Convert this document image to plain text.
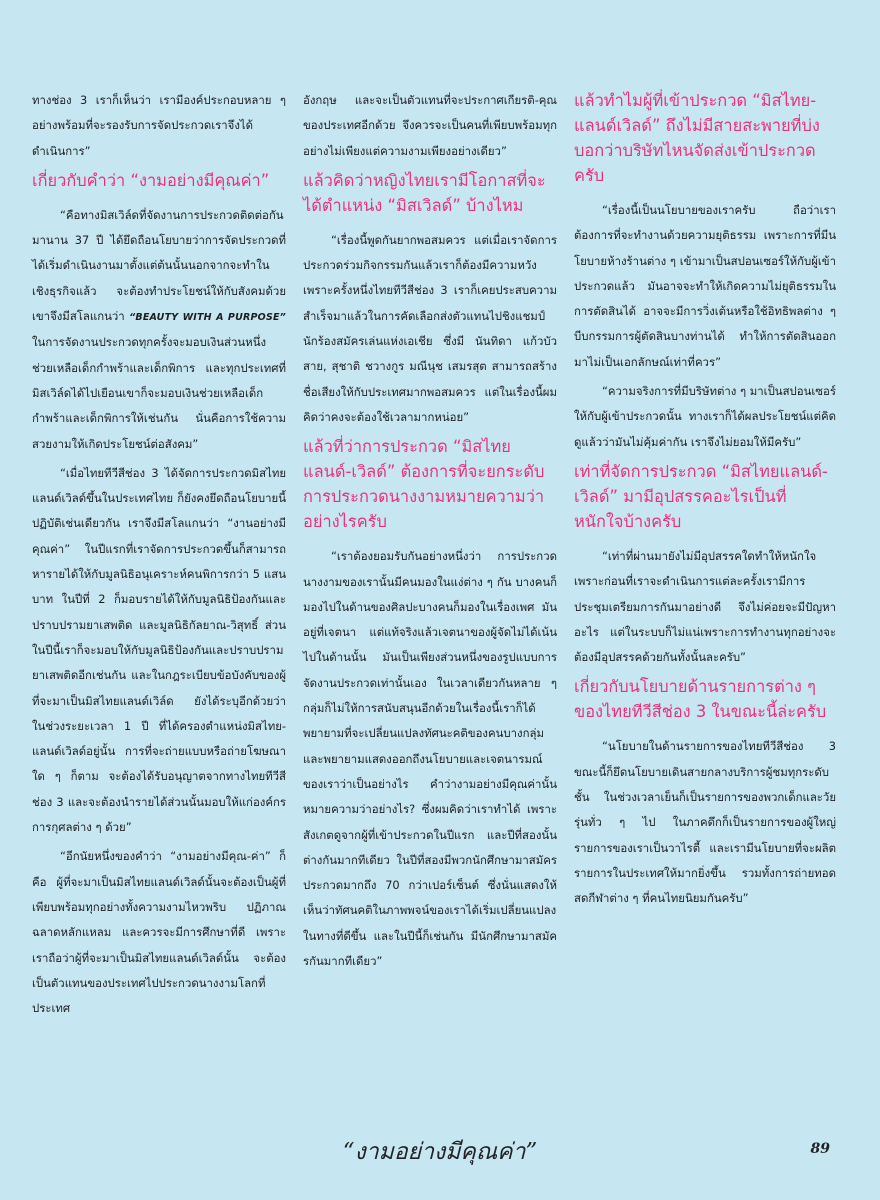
ทางช่อง 3 เราก็เห็นว่า เรามีองค์ประกอบหลาย ๆ อย่างพร้อมที่จะรองรับการจัดประกวดเราจึงได้ดำเนินการ”

เกี่ยวกับคำว่า “งามอย่างมีคุณค่า”

“คือทางมิสเวิล์ดที่จัดงานการประกวดติดต่อกันมานาน 37 ปี ได้ยึดถือนโยบายว่าการจัดประกวดที่ได้เริ่มดำเนินงานมาตั้งแต่ต้นนั้นนอกจากจะทำในเชิงธุรกิจแล้ว จะต้องทำประโยชน์ให้กับสังคมด้วย เขาจึงมีสโลแกนว่า “BEAUTY WITH A PURPOSE” ในการจัดงานประกวดทุกครั้งจะมอบเงินส่วนหนึ่งช่วยเหลือเด็กกำพร้าและเด็กพิการ และทุกประเทศที่มิสเวิล์ดได้ไปเยือนเขาก็จะมอบเงินช่วยเหลือเด็กกำพร้าและเด็กพิการให้เช่นกัน นั่นคือการใช้ความสวยงามให้เกิดประโยชน์ต่อสังคม”

“เมื่อไทยทีวีสีช่อง 3 ได้จัดการประกวดมิสไทยแลนด์เวิลด์ขึ้นในประเทศไทย ก็ยังคงยึดถือนโยบายนี้ปฏิบัติเช่นเดียวกัน เราจึงมีสโลแกนว่า “งานอย่างมีคุณค่า” ในปีแรกที่เราจัดการประกวดขึ้นก็สามารถหารายได้ให้กับมูลนิธิอนุเคราะห์คนพิการกว่า 5 แสนบาท ในปีที่ 2 ก็มอบรายได้ให้กับมูลนิธิป้องกันและปราบปรามยาเสพติด และมูลนิธิกัลยาณ-วิสุทธิ์ ส่วนในปีนี้เราก็จะมอบให้กับมูลนิธิป้องกันและปราบปรามยาเสพติดอีกเช่นกัน และในกฎระเบียบข้อบังคับของผู้ที่จะมาเป็นมิสไทยแลนด์เวิล์ด ยังได้ระบุอีกด้วยว่า ในช่วงระยะเวลา 1 ปี ที่ได้ครองตำแหน่งมิสไทย-แลนด์เวิลด์อยู่นั้น การที่จะถ่ายแบบหรือถ่ายโฆษณาใด ๆ ก็ตาม จะต้องได้รับอนุญาตจากทางไทยทีวีสีช่อง 3 และจะต้องนำรายได้ส่วนนั้นมอบให้แก่องค์กรการกุศลต่าง ๆ ด้วย”

“อีกนัยหนึ่งของคำว่า “งามอย่างมีคุณ-ค่า” ก็คือ ผู้ที่จะมาเป็นมิสไทยแลนด์เวิลด์นั้นจะต้องเป็นผู้ที่เพียบพร้อมทุกอย่างทั้งความงามไหวพริบ ปฏิภาณ ฉลาดหลักแหลม และควรจะมีการศึกษาที่ดี เพราะเราถือว่าผู้ที่จะมาเป็นมิสไทยแลนด์เวิลด์นั้น จะต้องเป็นตัวแทนของประเทศไปประกวดนางงามโลกที่ประเทศ

อังกฤษ และจะเป็นตัวแทนที่จะประกาศเกียรติ-คุณของประเทศอีกด้วย จึงควรจะเป็นคนที่เพียบพร้อมทุกอย่างไม่เพียงแต่ความงามเพียงอย่างเดียว”

แล้วคิดว่าหญิงไทยเรามีโอกาสที่จะได้ตำแหน่ง “มิสเวิลด์” บ้างไหม

“เรื่องนี้พูดกันยากพอสมควร แต่เมื่อเราจัดการประกวดร่วมกิจกรรมกันแล้วเราก็ต้องมีความหวัง เพราะครั้งหนึ่งไทยทีวีสีช่อง 3 เราก็เคยประสบความสำเร็จมาแล้วในการคัดเลือกส่งตัวแทนไปชิงแชมป์นักร้องสมัครเล่นแห่งเอเชีย ซึ่งมี นันทิดา แก้วบัวสาย, สุชาติ ชวางกูร มณีนุช เสมรสุต สามารถสร้างชื่อเสียงให้กับประเทศมากพอสมควร แต่ในเรื่องนี้ผมคิดว่าคงจะต้องใช้เวลามากหน่อย”

แล้วที่ว่าการประกวด “มิสไทยแลนด์-เวิลด์” ต้องการที่จะยกระดับการประกวดนางงามหมายความว่าอย่างไรครับ

“เราต้องยอมรับกันอย่างหนึ่งว่า การประกวดนางงามของเรานั้นมีคนมองในแง่ต่าง ๆ กัน บางคนก็มองไปในด้านของศิลปะบางคนก็มองในเรื่องเพศ มันอยู่ที่เจตนา แต่แท้จริงแล้วเจตนาของผู้จัดไม่ได้เน้นไปในด้านนั้น มันเป็นเพียงส่วนหนึ่งของรูปแบบการจัดงานประกวดเท่านั้นเอง ในเวลาเดียวกันหลาย ๆ กลุ่มก็ไม่ให้การสนับสนุนอีกด้วยในเรื่องนี้เราก็ได้พยายามที่จะเปลี่ยนแปลงทัศนะคติของคนบางกลุ่ม และพยายามแสดงออกถึงนโยบายและเจตนารมณ์ของเราว่าเป็นอย่างไร คำว่างามอย่างมีคุณค่านั้นหมายความว่าอย่างไร? ซึ่งผมคิดว่าเราทำได้ เพราะสังเกตดูจากผู้ที่เข้าประกวดในปีแรก และปีที่สองนั้นต่างกันมากทีเดียว ในปีที่สองมีพวกนักศึกษามาสมัครประกวดมากถึง 70 กว่าเปอร์เซ็นต์ ซึ่งนั่นแสดงให้เห็นว่าทัศนคติในภาพพจน์ของเราได้เริ่มเปลี่ยนแปลงในทางที่ดีขึ้น และในปีนี้ก็เช่นกัน มีนักศึกษามาสมัครกันมากทีเดียว”

แล้วทำไมผู้ที่เข้าประกวด “มิสไทย-แลนด์เวิลด์” ถึงไม่มีสายสะพายที่บ่งบอกว่าบริษัทไหนจัดส่งเข้าประกวดครับ

“เรื่องนี้เป็นนโยบายของเราครับ ถือว่าเราต้องการที่จะทำงานด้วยความยุติธรรม เพราะการที่มีนโยบายห้างร้านต่าง ๆ เข้ามาเป็นสปอนเซอร์ให้กับผู้เข้าประกวดแล้ว มันอาจจะทำให้เกิดความไม่ยุติธรรมในการตัดสินได้ อาจจะมีการวิ่งเต้นหรือใช้อิทธิพลต่าง ๆ บีบกรรมการผู้ตัดสินบางท่านได้ ทำให้การตัดสินออกมาไม่เป็นเอกลักษณ์เท่าที่ควร”

“ความจริงการที่มีบริษัทต่าง ๆ มาเป็นสปอนเซอร์ให้กับผู้เข้าประกวดนั้น ทางเราก็ได้ผลประโยชน์แต่คิดดูแล้วว่ามันไม่คุ้มค่ากัน เราจึงไม่ยอมให้มีครับ”

เท่าที่จัดการประกวด “มิสไทยแลนด์-เวิลด์” มามีอุปสรรคอะไรเป็นที่หนักใจบ้างครับ

“เท่าที่ผ่านมายังไม่มีอุปสรรคใดทำให้หนักใจ เพราะก่อนที่เราจะดำเนินการแต่ละครั้งเรามีการประชุมเตรียมการกันมาอย่างดี จึงไม่ค่อยจะมีปัญหาอะไร แต่ในระบบก็ไม่แน่เพราะการทำงานทุกอย่างจะต้องมีอุปสรรคด้วยกันทั้งนั้นละครับ”

เกี่ยวกับนโยบายด้านรายการต่าง ๆ ของไทยทีวีสีช่อง 3 ในขณะนี้ล่ะครับ

“นโยบายในด้านรายการของไทยทีวีสีช่อง 3 ขณะนี้ก็ยึดนโยบายเดินสายกลางบริการผู้ชมทุกระดับชั้น ในช่วงเวลาเย็นก็เป็นรายการของพวกเด็กและวัยรุ่นทั่ว ๆ ไป ในภาคดึกก็เป็นรายการของผู้ใหญ่ รายการของเราเป็นวาไรตี้ และเรามีนโยบายที่จะผลิตรายการในประเทศให้มากยิ่งขึ้น รวมทั้งการถ่ายทอดสดกีฬาต่าง ๆ ที่คนไทยนิยมกันครับ”

“งามอย่างมีคุณค่า”	89
